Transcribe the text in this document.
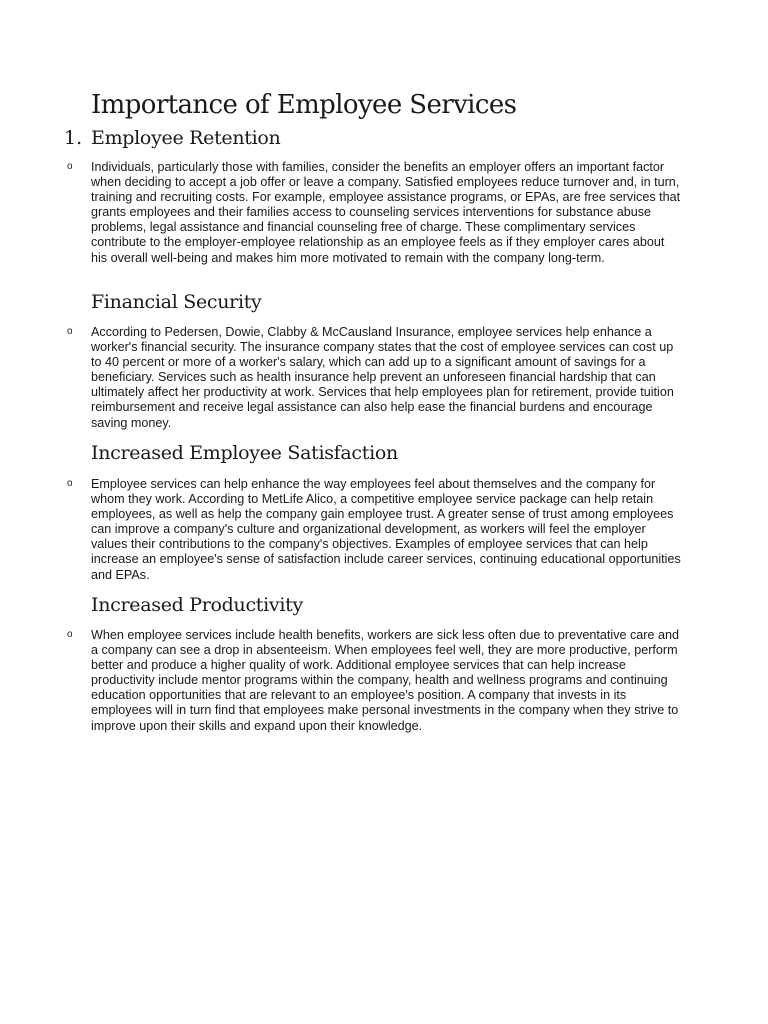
Importance of Employee Services
1. Employee Retention
o Individuals, particularly those with families, consider the benefits an employer offers an important factor when deciding to accept a job offer or leave a company. Satisfied employees reduce turnover and, in turn, training and recruiting costs. For example, employee assistance programs, or EPAs, are free services that grants employees and their families access to counseling services interventions for substance abuse problems, legal assistance and financial counseling free of charge. These complimentary services contribute to the employer-employee relationship as an employee feels as if they employer cares about his overall well-being and makes him more motivated to remain with the company long-term.

Financial Security
o According to Pedersen, Dowie, Clabby & McCausland Insurance, employee services help enhance a worker's financial security. The insurance company states that the cost of employee services can cost up to 40 percent or more of a worker's salary, which can add up to a significant amount of savings for a beneficiary. Services such as health insurance help prevent an unforeseen financial hardship that can ultimately affect her productivity at work. Services that help employees plan for retirement, provide tuition reimbursement and receive legal assistance can also help ease the financial burdens and encourage saving money.

Increased Employee Satisfaction
o Employee services can help enhance the way employees feel about themselves and the company for whom they work. According to MetLife Alico, a competitive employee service package can help retain employees, as well as help the company gain employee trust. A greater sense of trust among employees can improve a company's culture and organizational development, as workers will feel the employer values their contributions to the company's objectives. Examples of employee services that can help increase an employee's sense of satisfaction include career services, continuing educational opportunities and EPAs.

Increased Productivity
o When employee services include health benefits, workers are sick less often due to preventative care and a company can see a drop in absenteeism. When employees feel well, they are more productive, perform better and produce a higher quality of work. Additional employee services that can help increase productivity include mentor programs within the company, health and wellness programs and continuing education opportunities that are relevant to an employee's position. A company that invests in its employees will in turn find that employees make personal investments in the company when they strive to improve upon their skills and expand upon their knowledge.
